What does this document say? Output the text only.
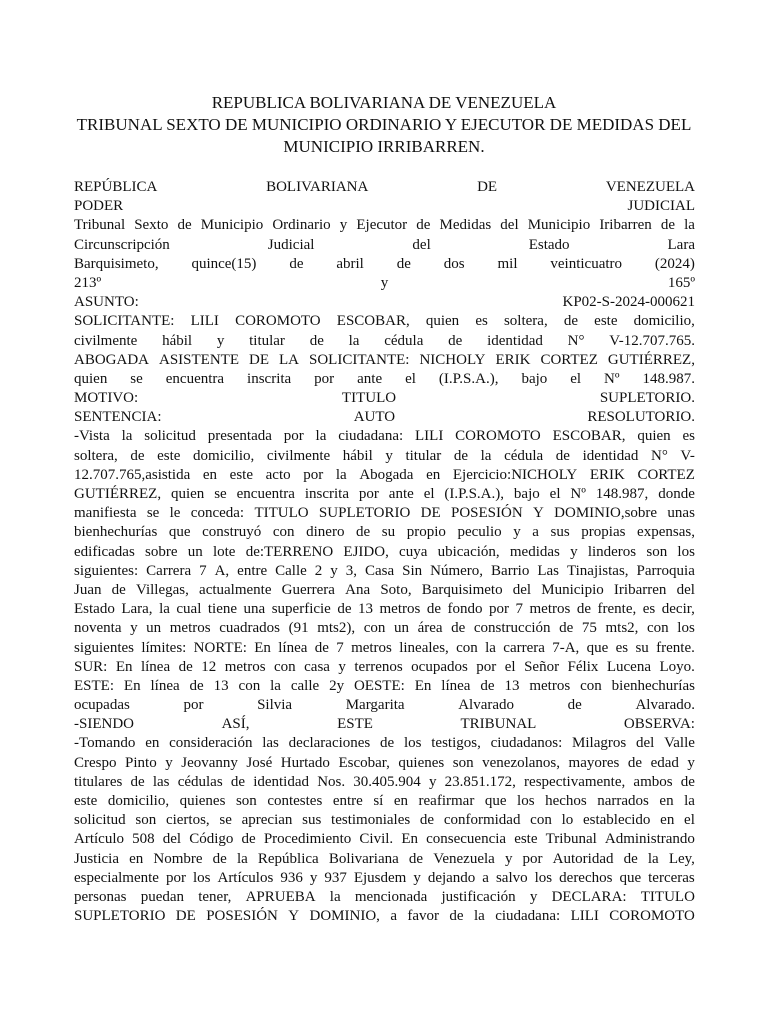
REPUBLICA BOLIVARIANA DE VENEZUELA
TRIBUNAL SEXTO DE MUNICIPIO ORDINARIO Y EJECUTOR DE MEDIDAS DEL
MUNICIPIO IRRIBARREN.
REPÚBLICA	BOLIVARIANA	DE	VENEZUELA
PODER	JUDICIAL
Tribunal Sexto de Municipio Ordinario y Ejecutor de Medidas del Municipio Iribarren de la
Circunscripción	Judicial	del	Estado	Lara
Barquisimeto, quince(15) de abril de dos mil veinticuatro (2024)
213º	y	165º
ASUNTO:	KP02-S-2024-000621
SOLICITANTE: LILI COROMOTO ESCOBAR, quien es soltera, de este domicilio,
civilmente hábil y titular de la cédula de identidad N° V-12.707.765.
ABOGADA ASISTENTE DE LA SOLICITANTE: NICHOLY ERIK CORTEZ GUTIÉRREZ,
quien se encuentra inscrita por ante el (I.P.S.A.), bajo el Nº 148.987.
MOTIVO:	TITULO	SUPLETORIO.
SENTENCIA:	AUTO	RESOLUTORIO.
-Vista la solicitud presentada por la ciudadana: LILI COROMOTO ESCOBAR, quien es
soltera, de este domicilio, civilmente hábil y titular de la cédula de identidad N° V-
12.707.765,asistida en este acto por la Abogada en Ejercicio:NICHOLY ERIK CORTEZ
GUTIÉRREZ, quien se encuentra inscrita por ante el (I.P.S.A.), bajo el Nº 148.987, donde
manifiesta se le conceda: TITULO SUPLETORIO DE POSESIÓN Y DOMINIO,sobre unas
bienhechurías que construyó con dinero de su propio peculio y a sus propias expensas,
edificadas sobre un lote de:TERRENO EJIDO, cuya ubicación, medidas y linderos son los
siguientes: Carrera 7 A, entre Calle 2 y 3, Casa Sin Número, Barrio Las Tinajistas, Parroquia
Juan de Villegas, actualmente Guerrera Ana Soto, Barquisimeto del Municipio Iribarren del
Estado Lara, la cual tiene una superficie de 13 metros de fondo por 7 metros de frente, es decir,
noventa y un metros cuadrados (91 mts2), con un área de construcción de 75 mts2, con los
siguientes límites: NORTE: En línea de 7 metros lineales, con la carrera 7-A, que es su frente.
SUR: En línea de 12 metros con casa y terrenos ocupados por el Señor Félix Lucena Loyo.
ESTE: En línea de 13 con la calle 2y OESTE: En línea de 13 metros con bienhechurías
ocupadas	por	Silvia	Margarita	Alvarado	de	Alvarado.
-SIENDO	ASÍ,	ESTE	TRIBUNAL	OBSERVA:
-Tomando en consideración las declaraciones de los testigos, ciudadanos: Milagros del Valle
Crespo Pinto y Jeovanny José Hurtado Escobar, quienes son venezolanos, mayores de edad y
titulares de las cédulas de identidad Nos. 30.405.904 y 23.851.172, respectivamente, ambos de
este domicilio, quienes son contestes entre sí en reafirmar que los hechos narrados en la
solicitud son ciertos, se aprecian sus testimoniales de conformidad con lo establecido en el
Artículo 508 del Código de Procedimiento Civil. En consecuencia este Tribunal Administrando
Justicia en Nombre de la República Bolivariana de Venezuela y por Autoridad de la Ley,
especialmente por los Artículos 936 y 937 Ejusdem y dejando a salvo los derechos que terceras
personas puedan tener, APRUEBA la mencionada justificación y DECLARA: TITULO
SUPLETORIO DE POSESIÓN Y DOMINIO, a favor de la ciudadana: LILI COROMOTO
